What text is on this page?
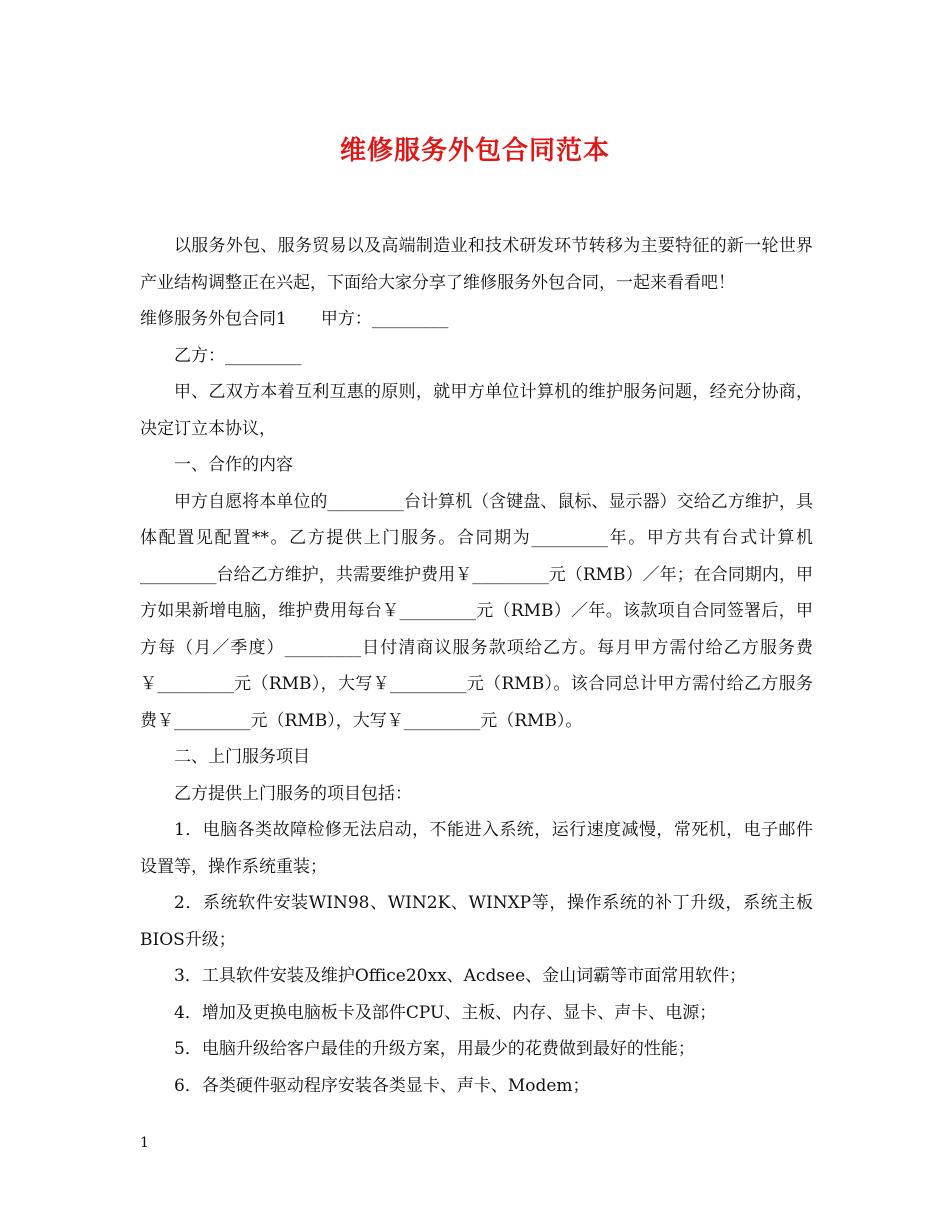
维修服务外包合同范本

以服务外包、服务贸易以及高端制造业和技术研发环节转移为主要特征的新一轮世界产业结构调整正在兴起，下面给大家分享了维修服务外包合同，一起来看看吧！

维修服务外包合同1　　甲方：_________

乙方：_________

甲、乙双方本着互利互惠的原则，就甲方单位计算机的维护服务问题，经充分协商，决定订立本协议，

一、合作的内容

甲方自愿将本单位的_________台计算机（含键盘、鼠标、显示器）交给乙方维护，具体配置见配置**。乙方提供上门服务。合同期为_________年。甲方共有台式计算机_________台给乙方维护，共需要维护费用￥_________元（RMB）／年；在合同期内，甲方如果新增电脑，维护费用每台￥_________元（RMB）／年。该款项自合同签署后，甲方每（月／季度）_________日付清商议服务款项给乙方。每月甲方需付给乙方服务费￥_________元（RMB），大写￥_________元（RMB）。该合同总计甲方需付给乙方服务费￥_________元（RMB），大写￥_________元（RMB）。

二、上门服务项目

乙方提供上门服务的项目包括：

1．电脑各类故障检修无法启动，不能进入系统，运行速度减慢，常死机，电子邮件设置等，操作系统重装；

2．系统软件安装WIN98、WIN2K、WINXP等，操作系统的补丁升级，系统主板BIOS升级；

3．工具软件安装及维护Office20xx、Acdsee、金山词霸等市面常用软件；

4．增加及更换电脑板卡及部件CPU、主板、内存、显卡、声卡、电源；

5．电脑升级给客户最佳的升级方案，用最少的花费做到最好的性能；

6．各类硬件驱动程序安装各类显卡、声卡、Modem；

1
